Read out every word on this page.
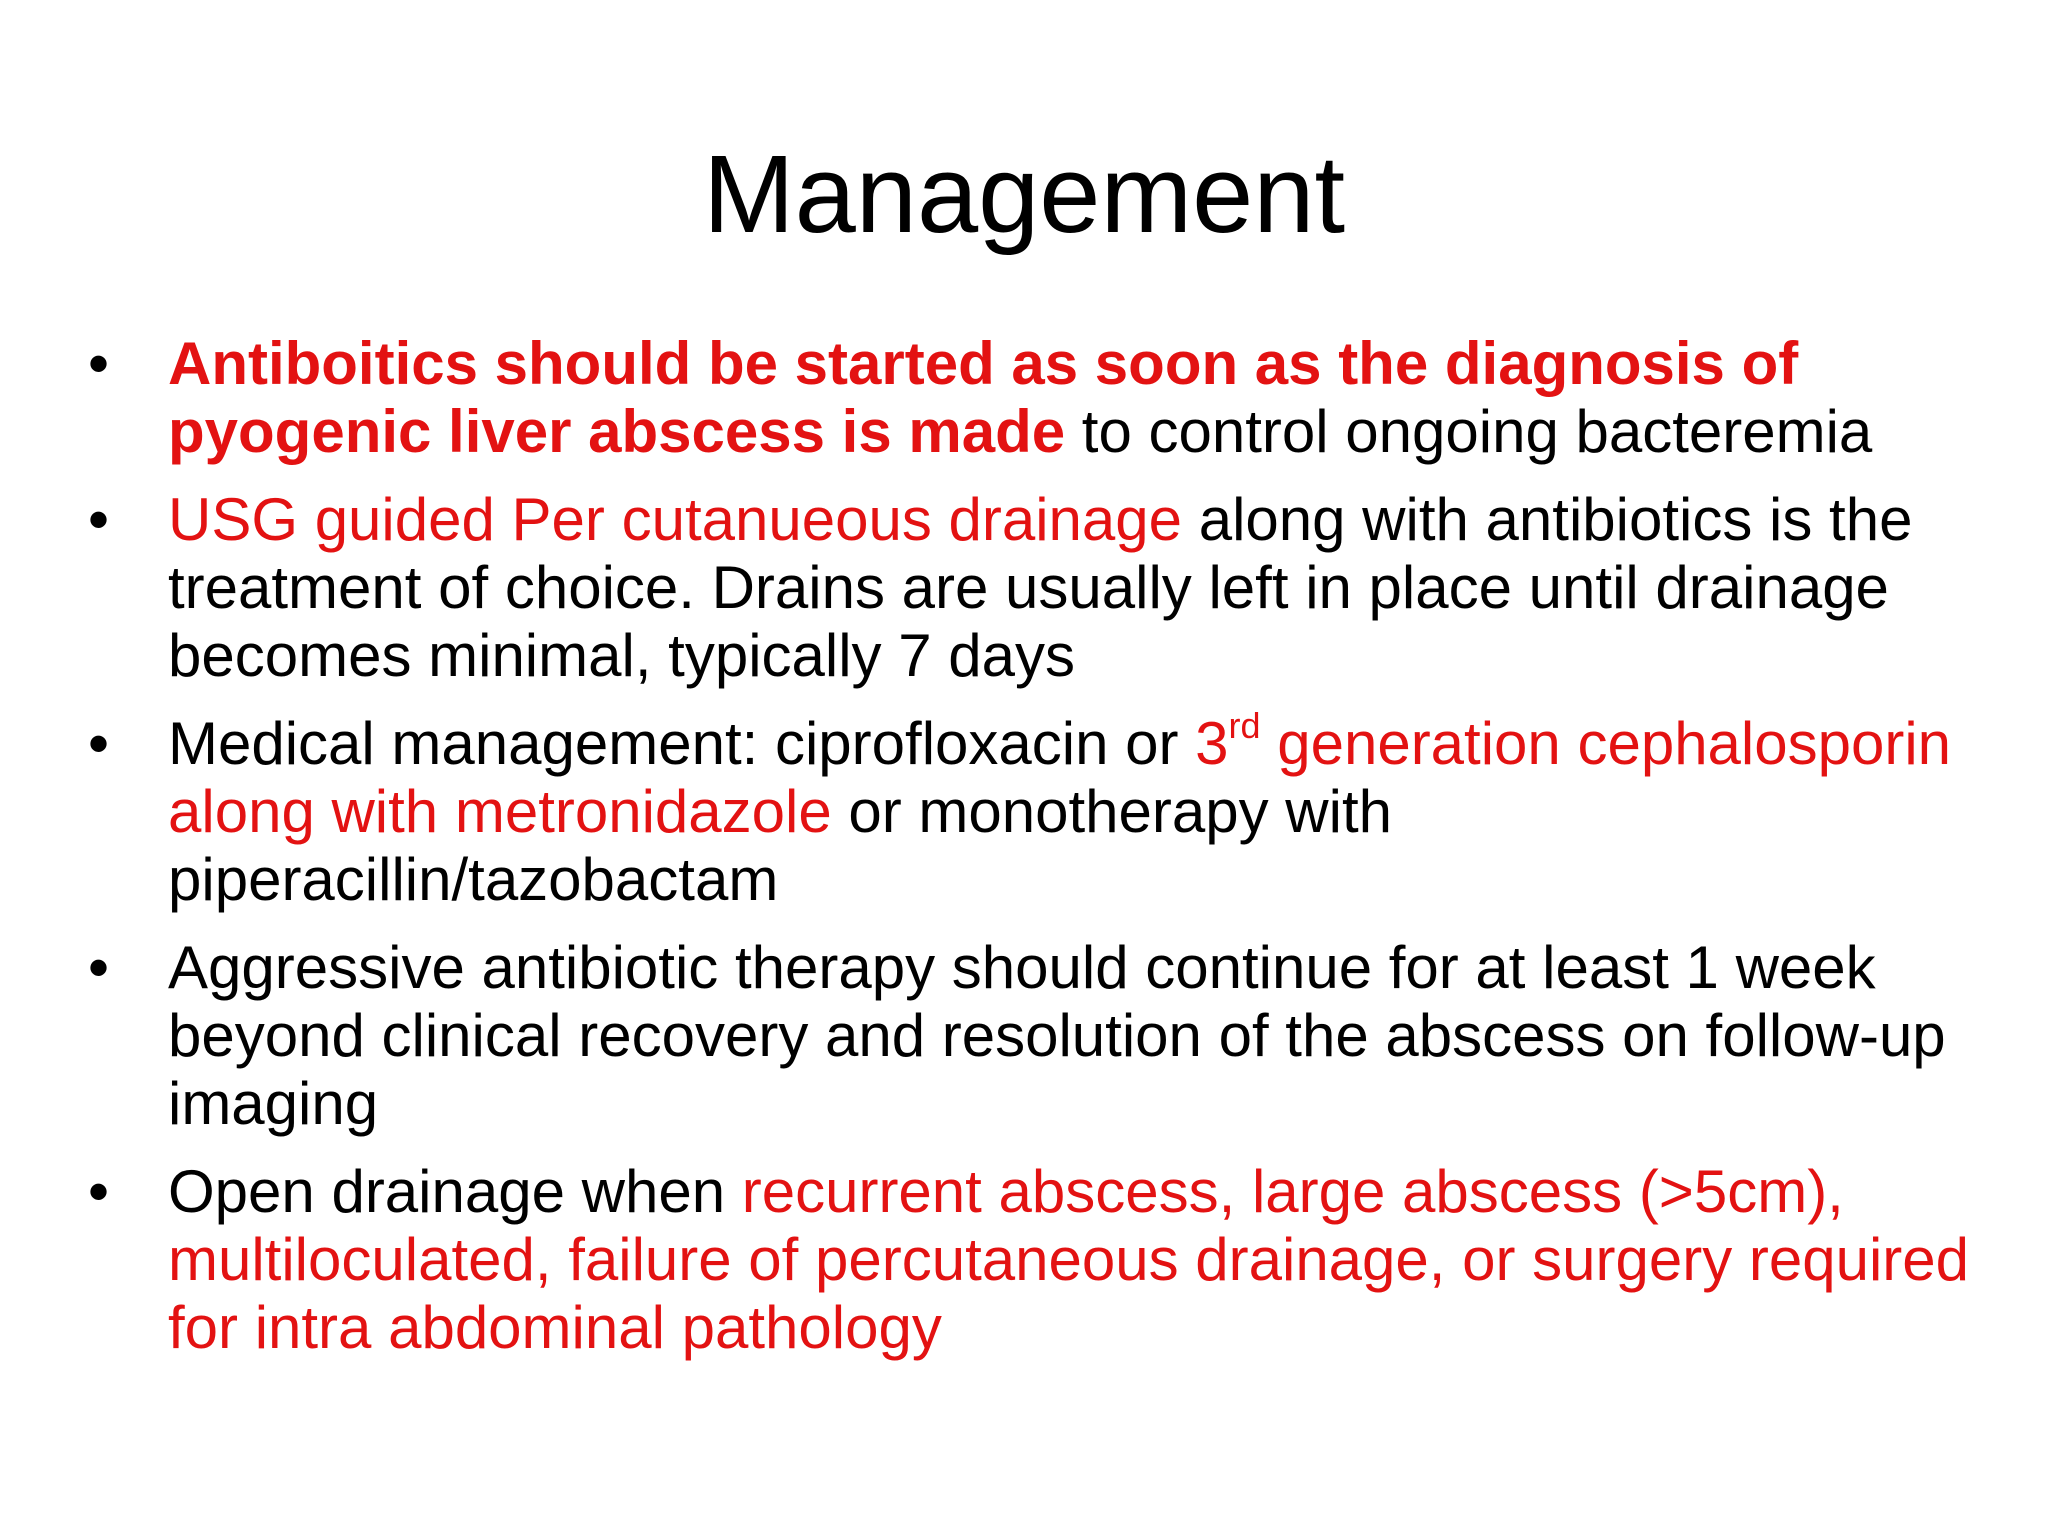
Management
• Antiboitics should be started as soon as the diagnosis of pyogenic liver abscess is made to control ongoing bacteremia
• USG guided Per cutanueous drainage along with antibiotics is the treatment of choice. Drains are usually left in place until drainage becomes minimal, typically 7 days
• Medical management: ciprofloxacin or 3rd generation cephalosporin along with metronidazole or monotherapy with piperacillin/tazobactam
• Aggressive antibiotic therapy should continue for at least 1 week beyond clinical recovery and resolution of the abscess on follow-up imaging
• Open drainage when recurrent abscess, large abscess (>5cm), multiloculated, failure of percutaneous drainage, or surgery required for intra abdominal pathology
